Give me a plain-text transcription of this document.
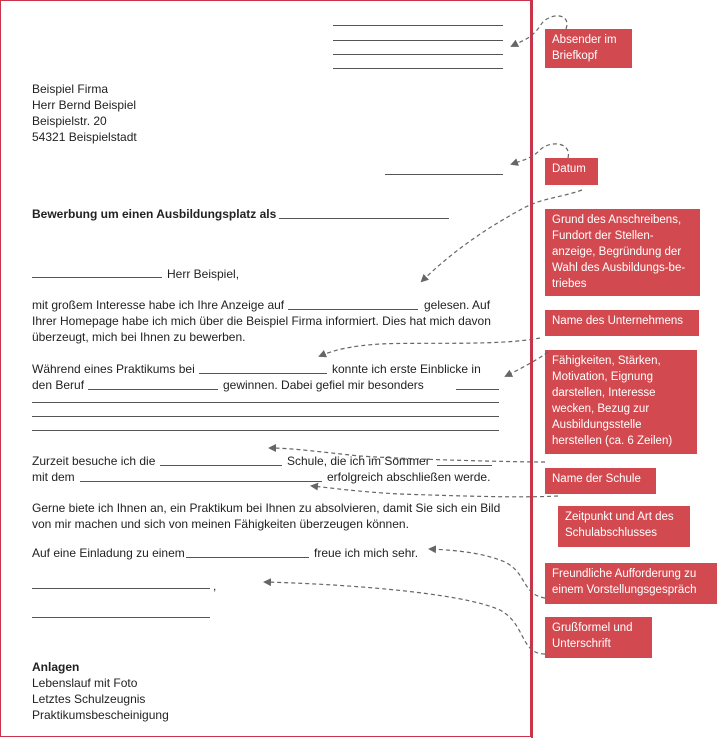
Beispiel Firma
Herr Bernd Beispiel
Beispielstr. 20
54321 Beispielstadt
Bewerbung um einen Ausbildungsplatz als
Herr Beispiel,
mit großem Interesse habe ich Ihre Anzeige auf	gelesen. Auf
Ihrer Homepage habe ich mich über die Beispiel Firma informiert. Dies hat mich davon
überzeugt, mich bei Ihnen zu bewerben.
Während eines Praktikums bei	konnte ich erste Einblicke in
den Beruf	gewinnen. Dabei gefiel mir besonders
Zurzeit besuche ich die	Schule, die ich im Sommer
mit dem	erfolgreich abschließen werde.
Gerne biete ich Ihnen an, ein Praktikum bei Ihnen zu absolvieren, damit Sie sich ein Bild
von mir machen und sich von meinen Fähigkeiten überzeugen können.
Auf eine Einladung zu einem	freue ich mich sehr.
,
Anlagen
Lebenslauf mit Foto
Letztes Schulzeugnis
Praktikumsbescheinigung
Absender im
Briefkopf
Datum
Grund des Anschreibens,
Fundort der Stellen-
anzeige, Begründung der
Wahl des Ausbildungs-be-
triebes
Name des Unternehmens
Fähigkeiten, Stärken,
Motivation, Eignung
darstellen, Interesse
wecken, Bezug zur
Ausbildungsstelle
herstellen (ca. 6 Zeilen)
Name der Schule
Zeitpunkt und Art des
Schulabschlusses
Freundliche Aufforderung zu
einem Vorstellungsgespräch
Grußformel und
Unterschrift
